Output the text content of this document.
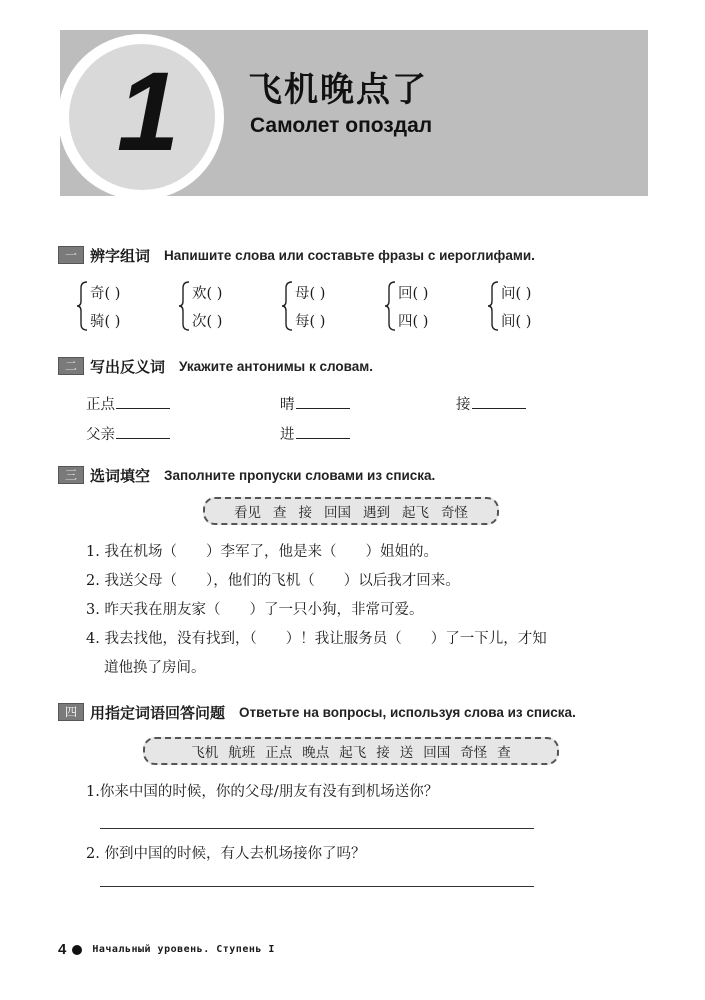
1 飞机晚点了
Самолет опоздал
一 辨字组词 Напишите слова или составьте фразы с иероглифами.
奇( )
骑( )
欢( )
次( )
母( )
每( )
回( )
四( )
问( )
间( )
二 写出反义词 Укажите антонимы к словам.
正点	晴	接
父亲	进
三 选词填空 Заполните пропуски словами из списка.
看见 查 接 回国 遇到 起飞 奇怪
1. 我在机场（　　）李军了，他是来（　　）姐姐的。
2. 我送父母（　　），他们的飞机（　　）以后我才回来。
3. 昨天我在朋友家（　　）了一只小狗，非常可爱。
4. 我去找他，没有找到，（　　）！我让服务员（　　）了一下儿，才知
道他换了房间。
四 用指定词语回答问题 Ответьте на вопросы, используя слова из списка.
飞机 航班 正点 晚点 起飞 接 送 回国 奇怪 查
1.你来中国的时候，你的父母/朋友有没有到机场送你？
2. 你到中国的时候，有人去机场接你了吗？
4	Начальный уровень. Ступень I
